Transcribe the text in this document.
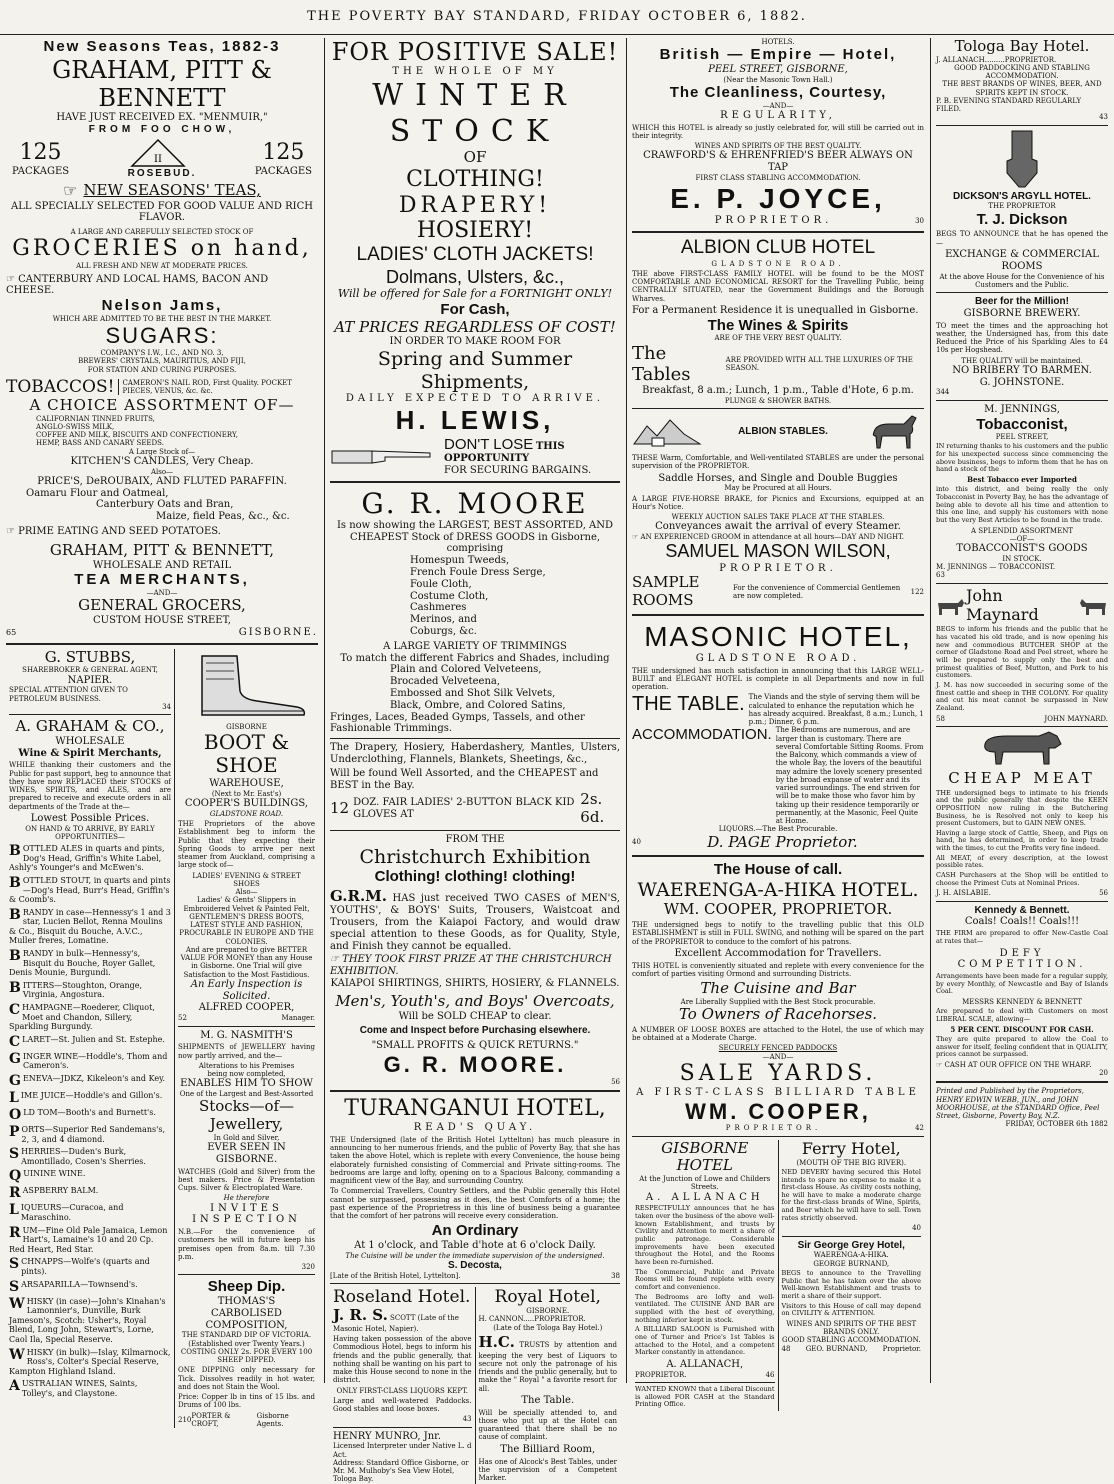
THE POVERTY BAY STANDARD, FRIDAY OCTOBER 6, 1882.
New Seasons Teas, 1882-3
GRAHAM, PITT & BENNETT
HAVE JUST RECEIVED EX. "MENMUIR,"
FROM FOO CHOW,
125
PACKAGES
II
ROSEBUD.
125
PACKAGES
☞ NEW SEASONS' TEAS,
ALL SPECIALLY SELECTED FOR GOOD VALUE AND RICH FLAVOR.
A LARGE AND CAREFULLY SELECTED STOCK OF
GROCERIES on hand,
ALL FRESH AND NEW AT MODERATE PRICES.
☞ CANTERBURY AND LOCAL HAMS, BACON AND CHEESE.
Nelson Jams,
WHICH ARE ADMITTED TO BE THE BEST IN THE MARKET.
SUGARS:
COMPANY'S I.W., I.C., AND NO. 3,
BREWERS' CRYSTALS, MAURITIUS, AND FIJI,
FOR STATION AND CURING PURPOSES.
TOBACCOS!	CAMERON'S NAIL ROD, First Quality. POCKET PIECES, VENUS, &c. &c.
A CHOICE ASSORTMENT OF—
CALIFORNIAN TINNED FRUITS,
ANGLO-SWISS MILK,
COFFEE AND MILK, BISCUITS AND CONFECTIONERY,
HEMP, BASS AND CANARY SEEDS.
A Large Stock of—
KITCHEN'S CANDLES, Very Cheap.
Also—
PRICE'S, DeROUBAIX, AND FLUTED PARAFFIN.
Oamaru Flour and Oatmeal,
Canterbury Oats and Bran,
Maize, field Peas, &c., &c.
☞ PRIME EATING AND SEED POTATOES.
GRAHAM, PITT & BENNETT,
WHOLESALE AND RETAIL
TEA MERCHANTS,
—AND—
GENERAL GROCERS,
CUSTOM HOUSE STREET,
65	GISBORNE.
G. STUBBS,
SHAREBROKER & GENERAL AGENT,
NAPIER.
SPECIAL ATTENTION GIVEN TO PETROLEUM BUSINESS.
34
A. GRAHAM & CO.,
WHOLESALE
Wine & Spirit Merchants,
WHILE thanking their customers and the Public for past support, beg to announce that they have now REPLACED their STOCKS of WINES, SPIRITS, and ALES, and are prepared to receive and execute orders in all departments of the Trade at the—
Lowest Possible Prices.
ON HAND & TO ARRIVE, BY EARLY OPPORTUNITIES—
BOTTLED ALES in quarts and pints, Dog's Head, Griffin's White Label, Ashly's Younger's and McEwen's.
BOTTLED STOUT, in quarts and pints—Dog's Head, Burr's Head, Griffin's & Coomb's.
BRANDY in case—Hennessy's 1 and 3 star, Lucien Bellot, Renna Moulins & Co., Bisquit du Bouche, A.V.C., Muller freres, Lomatine.
BRANDY in bulk—Hennessy's, Bisquit du Bouche, Royer Gallet, Denis Mounie, Burgundi.
BITTERS—Stoughton, Orange, Virginia, Angostura.
CHAMPAGNE—Roederer, Cliquot, Moet and Chandon, Sillery, Sparkling Burgundy.
CLARET—St. Julien and St. Estephe.
GINGER WINE—Hoddle's, Thom and Cameron's.
GENEVA—JDKZ, Kikeleon's and Key.
LIME JUICE—Hoddle's and Gillon's.
OLD TOM—Booth's and Burnett's.
PORTS—Superior Red Sandemans's, 2, 3, and 4 diamond.
SHERRIES—Duden's Burk, Amontillado, Cosen's Sherries.
QUININE WINE.
RASPBERRY BALM.
LIQUEURS—Curacoa, and Maraschino.
RUM—Fine Old Pale Jamaica, Lemon Hart's, Lamaine's 10 and 20 Cp. Red Heart, Red Star.
SCHNAPPS—Wolfe's (quarts and pints).
SARSAPARILLA—Townsend's.
WHISKY (in case)—John's Kinahan's Lamonnier's, Dunville, Burk Jameson's, Scotch: Usher's, Royal Blend, Long John, Stewart's, Lorne, Caol Ila, Special Reserve.
WHISKY (in bulk)—Islay, Kilmarnock, Ross's, Colter's Special Reserve, Kampton Highland Island.
AUSTRALIAN WINES, Saints, Tolley's, and Claystone.
GISBORNE
BOOT & SHOE
WAREHOUSE,
(Next to Mr. East's)
COOPER'S BUILDINGS,
GLADSTONE ROAD.
THE Proprietors of the above Establishment beg to inform the Public that they expecting their Spring Goods to arrive per next steamer from Auckland, comprising a large stock of—
LADIES' EVENING & STREET SHOES
Also—
Ladies' & Gents' Slippers in Embroidered Velvet & Painted Felt,
GENTLEMEN'S DRESS BOOTS, LATEST STYLE AND FASHION,
PROCURABLE IN EUROPE AND THE COLONIES.
And are prepared to give BETTER VALUE FOR MONEY than any House in Gisborne. One Trial will give Satisfaction to the Most Fastidious.
An Early Inspection is Solicited.
ALFRED COOPER,
52	Manager.
M. G. NASMITH'S
SHIPMENTS of JEWELLERY having now partly arrived, and the—
Alterations to his Premises
being now completed,
ENABLES HIM TO SHOW
One of the Largest and Best-Assorted
Stocks—of—Jewellery,
In Gold and Silver,
EVER SEEN IN GISBORNE.
WATCHES (Gold and Silver) from the best makers. Price & Presentation Cups. Silver & Electroplated Ware.
He therefore
INVITES INSPECTION
N.B.—For the convenience of customers he will in future keep his premises open from 8a.m. till 7.30 p.m.
320
Sheep Dip.
THOMAS'S
CARBOLISED COMPOSITION,
THE STANDARD DIP OF VICTORIA.
(Established over Twenty Years.)
COSTING ONLY 2s. FOR EVERY 100 SHEEP DIPPED.
ONE DIPPING only necessary for Tick. Dissolves readily in hot water, and does not Stain the Wool.
Price: Copper lb in tins of 15 lbs. and Drums of 100 lbs.
210
PORTER & CROFT,
Gisborne Agents.
FOR POSITIVE SALE!
THE WHOLE OF MY
WINTER STOCK
OF
CLOTHING!
DRAPERY!
HOSIERY!
LADIES' CLOTH JACKETS!
Dolmans, Ulsters, &c.,
Will be offered for Sale for a FORTNIGHT ONLY!
For Cash,
AT PRICES REGARDLESS OF COST!
IN ORDER TO MAKE ROOM FOR
Spring and Summer Shipments,
DAILY EXPECTED TO ARRIVE.
H. LEWIS,
DON'T LOSE THIS OPPORTUNITY
FOR SECURING BARGAINS.
G. R. MOORE
Is now showing the LARGEST, BEST ASSORTED, AND CHEAPEST Stock of DRESS GOODS in Gisborne, comprising
Homespun Tweeds,
French Foule Dress Serge,
Foule Cloth,
Costume Cloth,
Cashmeres
Merinos, and
Coburgs, &c.
A LARGE VARIETY OF TRIMMINGS
To match the different Fabrics and Shades, including
Plain and Colored Velveteens,
Brocaded Velveteena,
Embossed and Shot Silk Velvets,
Black, Ombre, and Colored Satins,
Fringes, Laces, Beaded Gymps, Tassels, and other Fashionable Trimmings.
The Drapery, Hosiery, Haberdashery, Mantles, Ulsters, Underclothing, Flannels, Blankets, Sheetings, &c.,
Will be found Well Assorted, and the CHEAPEST and BEST in the Bay.
12 DOZ. FAIR LADIES' 2-BUTTON BLACK KID GLOVES AT
2s. 6d.
FROM THE
Christchurch Exhibition
Clothing! clothing! clothing!
G.R.M. HAS just received TWO CASES of MEN'S, YOUTHS', & BOYS' Suits, Trousers, Waistcoat and Trousers, from the Kaiapoi Factory, and would draw special attention to these Goods, as for Quality, Style, and Finish they cannot be equalled.
☞ THEY TOOK FIRST PRIZE AT THE CHRISTCHURCH EXHIBITION.
KAIAPOI SHIRTINGS, SHIRTS, HOSIERY, & FLANNELS.
Men's, Youth's, and Boys' Overcoats,
Will be SOLD CHEAP to clear.
Come and Inspect before Purchasing elsewhere.
"SMALL PROFITS & QUICK RETURNS."
G. R. MOORE.
56
TURANGANUI HOTEL,
READ'S QUAY.
THE Undersigned (late of the British Hotel Lyttelton) has much pleasure in announcing to her numerous friends, and the public of Poverty Bay, that she has taken the above Hotel, which is replete with every Convenience, the house being elaborately furnished consisting of Commercial and Private sitting-rooms. The bedrooms are large and lofty, opening on to a Spacious Balcony, commanding a magnificent view of the Bay, and surrounding Country.
To Commercial Travellers, Country Settlers, and the Public generally this Hotel cannot be surpassed, possessing as it does, the best Comforts of a home; the past experience of the Proprietress in this line of business being a guarantee that the comfort of her patrons will receive every consideration.
An Ordinary
At 1 o'clock, and Table d'hote at 6 o'clock Daily.
The Cuisine will be under the immediate supervision of the undersigned.
S. Decosta,
[Late of the British Hotel, Lyttelton].	38
Roseland Hotel.
J. R. S. SCOTT (Late of the Masonic Hotel, Napier).
Having taken possession of the above Commodious Hotel, begs to inform his friends and the public generally, that nothing shall be wanting on his part to make this House second to none in the district.
ONLY FIRST-CLASS LIQUORS KEPT.
Large and well-watered Paddocks. Good stables and loose boxes.
43
HENRY MUNRO, Jnr.
Licensed Interpreter under Native L. d Act.
Address: Standard Office Gisborne, or Mr. M. Mulhoby's Sea View Hotel, Tologa Bay.
Royal Hotel,
GISBORNE.
H. CANNON.....PROPRIETOR.
(Late of the Tologa Bay Hotel.)
H.C. TRUSTS by attention and keeping the very best of Liquors to secure not only the patronage of his friends and the public generally, but to make the " Royal " a favorite resort for all.
The Table.
Will be specially attended to, and those who put up at the Hotel can guaranteed that there shall be no cause of complaint.
The Billiard Room,
Has one of Alcock's Best Tables, under the supervision of a Competent Marker.
HOTELS.
British — Empire — Hotel,
PEEL STREET, GISBORNE,
(Near the Masonic Town Hall.)
The Cleanliness, Courtesy,
—AND—
REGULARITY,
WHICH this HOTEL is already so justly celebrated for, will still be carried out in their integrity.
WINES AND SPIRITS OF THE BEST QUALITY.
CRAWFORD'S & EHRENFRIED'S BEER ALWAYS ON TAP
FIRST CLASS STABLING ACCOMMODATION.
E. P. JOYCE,
PROPRIETOR.	30
ALBION CLUB HOTEL
GLADSTONE ROAD.
THE above FIRST-CLASS FAMILY HOTEL will be found to be the MOST COMFORTABLE AND ECONOMICAL RESORT for the Travelling Public, being CENTRALLY SITUATED, near the Government Buildings and the Borough Wharves.
For a Permanent Residence it is unequalled in Gisborne.
The Wines & Spirits
ARE OF THE VERY BEST QUALITY.
The Tables
ARE PROVIDED WITH ALL THE LUXURIES OF THE SEASON.
Breakfast, 8 a.m.; Lunch, 1 p.m., Table d'Hote, 6 p.m.
PLUNGE & SHOWER BATHS.
ALBION STABLES.
THESE Warm, Comfortable, and Well-ventilated STABLES are under the personal supervision of the PROPRIETOR.
Saddle Horses, and Single and Double Buggies
May be Procured at all Hours.
A LARGE FIVE-HORSE BRAKE, for Picnics and Excursions, equipped at an Hour's Notice.
WEEKLY AUCTION SALES TAKE PLACE AT THE STABLES.
Conveyances await the arrival of every Steamer.
☞ AN EXPERIENCED GROOM in attendance at all hours—DAY AND NIGHT.
SAMUEL MASON WILSON,
PROPRIETOR.
SAMPLE ROOMS
For the convenience of Commercial Gentlemen are now completed.
122
MASONIC HOTEL,
GLADSTONE ROAD.
THE undersigned has much satisfaction in announcing that this LARGE WELL-BUILT and ELEGANT HOTEL is complete in all Departments and now in full operation.
THE TABLE. The Viands and the style of serving them will be calculated to enhance the reputation which he has already acquired. Breakfast, 8 a.m.; Lunch, 1 p.m.; Dinner, 6 p.m.
ACCOMMODATION. The Bedrooms are numerous, and are larger than is customary. There are several Comfortable Sitting Rooms. From the Balcony, which commands a view of the whole Bay, the lovers of the beautiful may admire the lovely scenery presented by the broad expanse of water and its varied surroundings. The end striven for will be to make those who favor him by taking up their residence temporarily or permanently, at the Masonic, Feel Quite at Home.
LIQUORS.—The Best Procurable.
40	D. PAGE Proprietor.
The House of call.
WAERENGA-A-HIKA HOTEL.
WM. COOPER, PROPRIETOR.
THE undersigned begs to notify to the travelling public that this OLD ESTABLISHMENT is still in FULL SWING, and nothing will be spared on the part of the PROPRIETOR to conduce to the comfort of his patrons.
Excellent Accommodation for Travellers.
THIS HOTEL is conveniently situated and replete with every convenience for the comfort of parties visiting Ormond and surrounding Districts.
The Cuisine and Bar
Are Liberally Supplied with the Best Stock procurable.
To Owners of Racehorses.
A NUMBER OF LOOSE BOXES are attached to the Hotel, the use of which may be obtained at a Moderate Charge.
SECURELY FENCED PADDOCKS
—AND—
SALE YARDS.
A FIRST-CLASS BILLIARD TABLE
WM. COOPER,
PROPRIETOR.	42
GISBORNE HOTEL
At the Junction of Lowe and Childers Streets.
A. ALLANACH
RESPECTFULLY announces that he has taken over the business of the above well-known Establishment, and trusts by Civility and Attention to merit a share of public patronage. Considerable improvements have been executed throughout the Hotel, and the Rooms have been re-furnished.
The Commercial, Public and Private Rooms will be found replete with every comfort and convenience.
The Bedrooms are lofty and well-ventilated. The CUISINE AND BAR are supplied with the best of everything, nothing inferior kept in stock.
A BILLIARD SALOON is Furnished with one of Turner and Price's 1st Tables is attached to the Hotel, and a competent Marker constantly in attendance.
A. ALLANACH,
PROPRIETOR.	46
WANTED KNOWN that a Liberal Discount is allowed FOR CASH at the Standard Printing Office.
Ferry Hotel,
(MOUTH OF THE BIG RIVER).
NED DEVERY having secured this Hotel intends to spare no expense to make it a first-class House. As civility costs nothing, he will have to make a moderate charge for the first-class brands of Wine, Spirits, and Beer which he will have to sell. Town rates strictly observed.
40
Sir George Grey Hotel,
WAERENGA-A-HIKA.
GEORGE BURNAND,
BEGS to announce to the Travelling Public that he has taken over the above Well-known Establishment and trusts to merit a share of their support.
Visitors to this House of call may depend on CIVILITY & ATTENTION.
WINES AND SPIRITS OF THE BEST BRANDS ONLY.
GOOD STABLING ACCOMMODATION.
48 GEO. BURNAND, Proprietor.
Tologa Bay Hotel.
J. ALLANACH.........PROPRIETOR.
GOOD PADDOCKING AND STABLING ACCOMMODATION.
THE BEST BRANDS OF WINES, BEER, AND SPIRITS KEPT IN STOCK.
P. B. EVENING STANDARD REGULARLY FILED.
43
DICKSON'S ARGYLL HOTEL.
THE PROPRIETOR
T. J. Dickson
BEGS TO ANNOUNCE that he has opened the —
EXCHANGE & COMMERCIAL ROOMS
At the above House for the Convenience of his Customers and the Public.
Beer for the Million!
GISBORNE BREWERY.
TO meet the times and the approaching hot weather, the Undersigned has, from this date Reduced the Price of his Sparkling Ales to £4 10s per Hogshead.
THE QUALITY will be maintained.
NO BRIBERY TO BARMEN.
G. JOHNSTONE.
344
M. JENNINGS,
Tobacconist,
PEEL STREET,
IN returning thanks to his customers and the public for his unexpected success since commencing the above business, begs to inform them that he has on hand a stock of the
Best Tobacco ever Imported
into this district, and being really the only Tobacconist in Poverty Bay, he has the advantage of being able to devote all his time and attention to this one line, and supply his customers with none but the very Best Articles to be found in the trade.
A SPLENDID ASSORTMENT
—OF—
TOBACCONIST'S GOODS
IN STOCK.
M. JENNINGS — TOBACCONIST.
63
John Maynard
BEGS to inform his friends and the public that he has vacated his old trade, and is now opening his new and commodious BUTCHER SHOP at the corner of Gladstone Road and Peel street, where he will be prepared to supply only the best and primest qualities of Beef, Mutton, and Pork to his customers.
J. M. has now succeeded in securing some of the finest cattle and sheep in THE COLONY. For quality and cut his meat cannot be surpassed in New Zealand.
58	JOHN MAYNARD.
CHEAP MEAT
THE undersigned begs to intimate to his friends and the public generally that despite the KEEN OPPOSITION now ruling in the Butchering Business, he is Resolved not only to keep his present Customers, but to GAIN NEW ONES.
Having a large stock of Cattle, Sheep, and Pigs on hand, he has determined, in order to keep trade with the times, to cut the Profits very fine indeed.
All MEAT, of every description, at the lowest possible rates.
CASH Purchasers at the Shop will be entitled to choose the Primest Cuts at Nominal Prices.
J. H. AISLABIE.	56
Kennedy & Bennett.
Coals! Coals!! Coals!!!
THE FIRM are prepared to offer New-Castle Coal at rates that—
DEFY COMPETITION.
Arrangements have been made for a regular supply, by every Monthly, of Newcastle and Bay of Islands Coal.
MESSRS KENNEDY & BENNETT
Are prepared to deal with Customers on most LIBERAL SCALE, allowing—
5 PER CENT. DISCOUNT FOR CASH.
They are quite prepared to allow the Coal to answer for itself, feeling confident that in QUALITY, prices cannot be surpassed.
☞ CASH AT OUR OFFICE ON THE WHARF.
20
Printed and Published by the Proprietors, HENRY EDWIN WEBB, JUN., and JOHN MOORHOUSE, at the STANDARD Office, Peel Street, Gisborne, Poverty Bay, N.Z.
FRIDAY, OCTOBER 6th 1882
